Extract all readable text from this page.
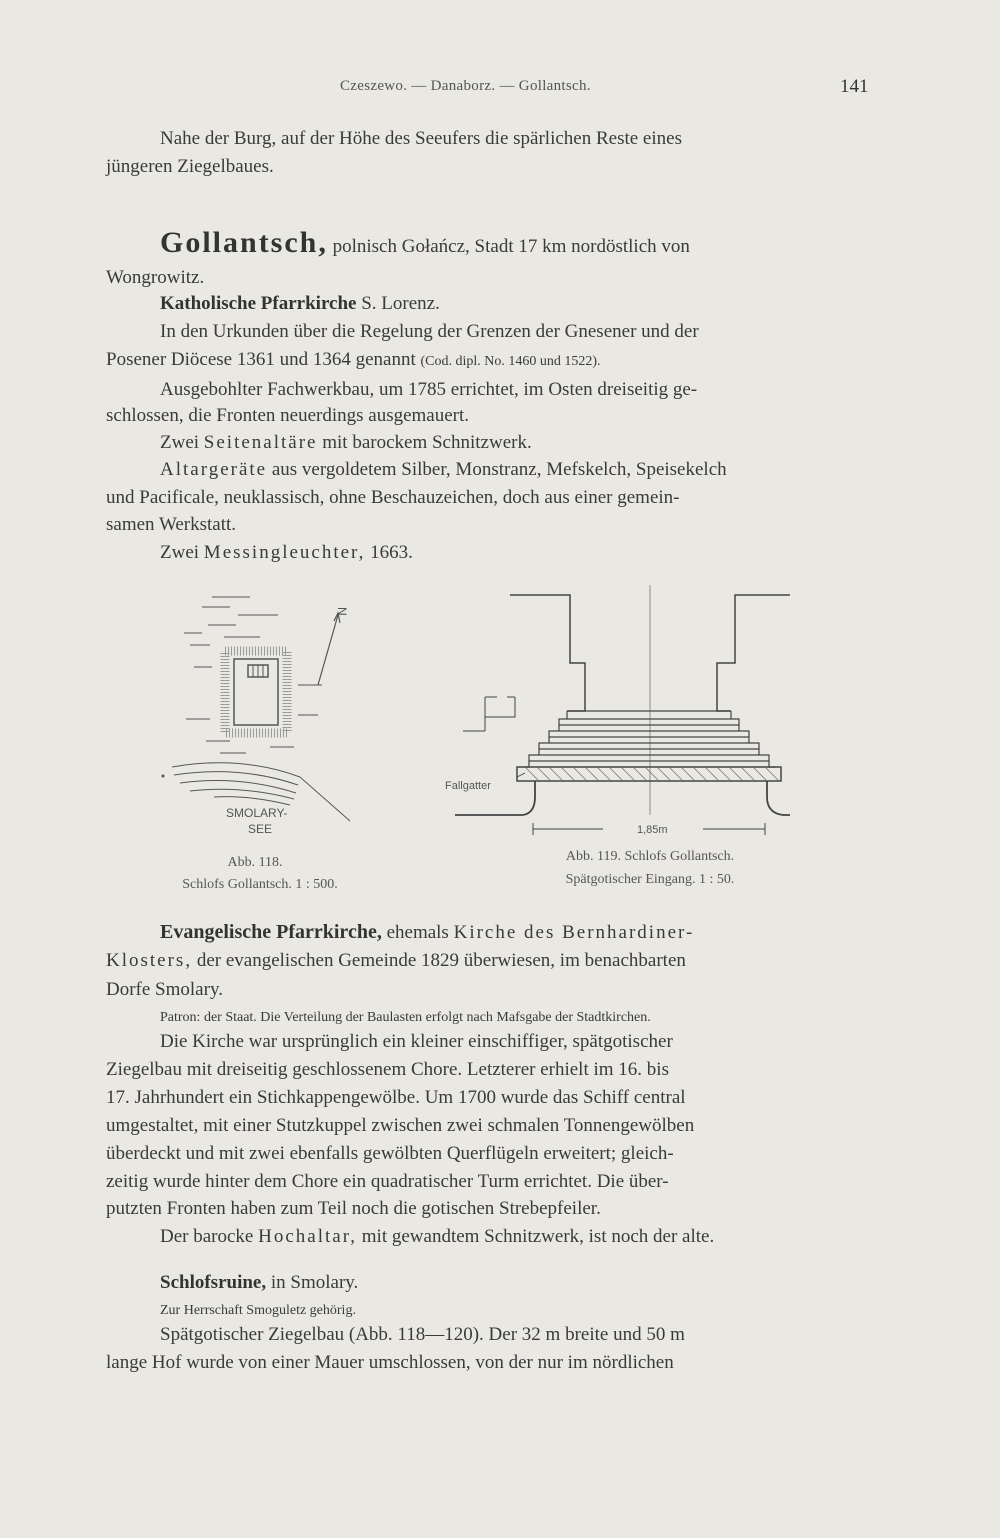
Czeszewo. — Danaborz. — Gollantsch.	141
Nahe der Burg, auf der Höhe des Seeufers die spärlichen Reste eines
jüngeren Ziegelbaues.
Gollantsch, polnisch Gołańcz, Stadt 17 km nordöstlich von
Wongrowitz.
Katholische Pfarrkirche S. Lorenz.
In den Urkunden über die Regelung der Grenzen der Gnesener und der
Posener Diöcese 1361 und 1364 genannt (Cod. dipl. No. 1460 und 1522).
Ausgebohlter Fachwerkbau, um 1785 errichtet, im Osten dreiseitig ge-
schlossen, die Fronten neuerdings ausgemauert.
Zwei Seitenaltäre mit barockem Schnitzwerk.
Altargeräte aus vergoldetem Silber, Monstranz, Mefskelch, Speisekelch
und Pacificale, neuklassisch, ohne Beschauzeichen, doch aus einer gemein-
samen Werkstatt.
Zwei Messingleuchter, 1663.
N
SMOLARY-
SEE
Abb. 118.
Schlofs Gollantsch. 1 : 500.
Fallgatter
1,85m
Abb. 119. Schlofs Gollantsch.
Spätgotischer Eingang. 1 : 50.
Evangelische Pfarrkirche, ehemals Kirche des Bernhardiner-
Klosters, der evangelischen Gemeinde 1829 überwiesen, im benachbarten
Dorfe Smolary.
Patron: der Staat. Die Verteilung der Baulasten erfolgt nach Mafsgabe der Stadtkirchen.
Die Kirche war ursprünglich ein kleiner einschiffiger, spätgotischer
Ziegelbau mit dreiseitig geschlossenem Chore. Letzterer erhielt im 16. bis
17. Jahrhundert ein Stichkappengewölbe. Um 1700 wurde das Schiff central
umgestaltet, mit einer Stutzkuppel zwischen zwei schmalen Tonnengewölben
überdeckt und mit zwei ebenfalls gewölbten Querflügeln erweitert; gleich-
zeitig wurde hinter dem Chore ein quadratischer Turm errichtet. Die über-
putzten Fronten haben zum Teil noch die gotischen Strebepfeiler.
Der barocke Hochaltar, mit gewandtem Schnitzwerk, ist noch der alte.
Schlofsruine, in Smolary.
Zur Herrschaft Smoguletz gehörig.
Spätgotischer Ziegelbau (Abb. 118—120). Der 32 m breite und 50 m
lange Hof wurde von einer Mauer umschlossen, von der nur im nördlichen
